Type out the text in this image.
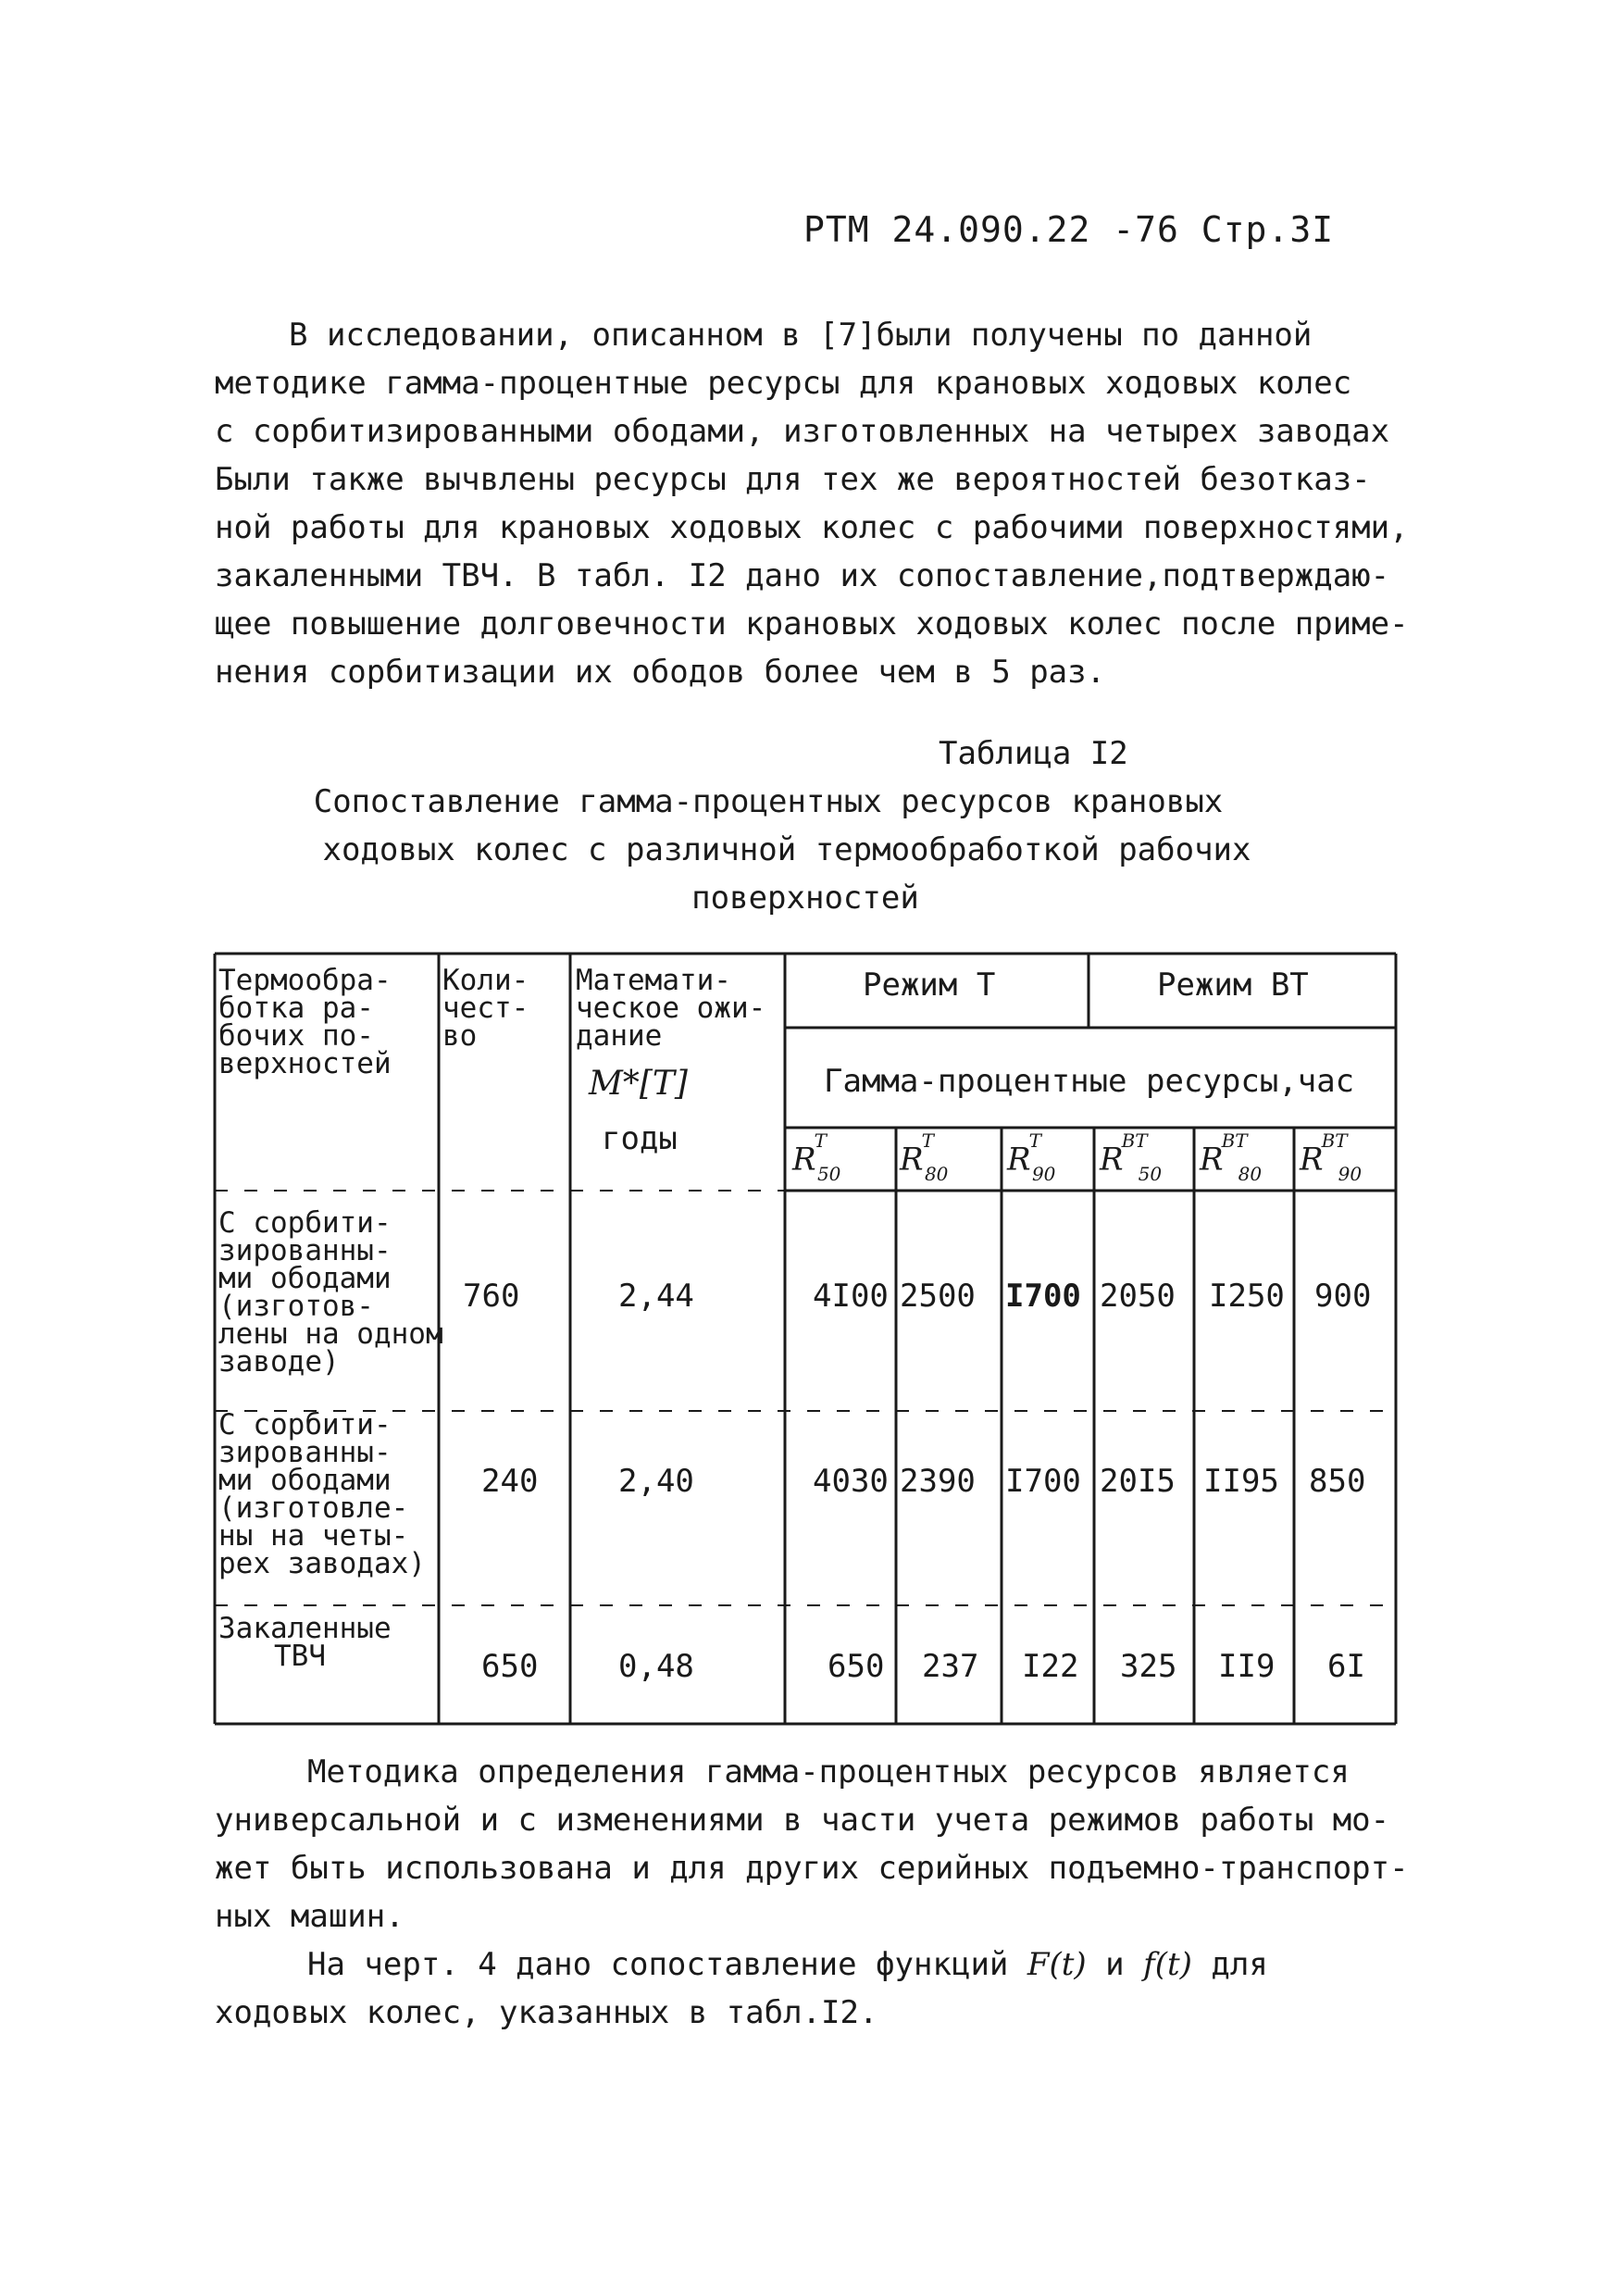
РТМ 24.090.22 -76 Стр.3I
В исследовании, описанном в [7]были получены по данной
методике гамма-процентные ресурсы для крановых ходовых колес
с сорбитизированными ободами, изготовленных на четырех заводах
Были также вычвлены ресурсы для тех же вероятностей безотказ-
ной работы для крановых ходовых колес с рабочими поверхностями,
закаленными ТВЧ. В табл. I2 дано их сопоставление,подтверждаю-
щее повышение долговечности крановых ходовых колес после приме-
нения сорбитизации их ободов более чем в 5 раз.
Таблица I2
Сопоставление гамма-процентных ресурсов крановых
ходовых колес с различной термообработкой рабочих
поверхностей
Термообра-
ботка ра-
бочих по-
верхностей
Коли-
чест-
во
Математи-
ческое ожи-
дание
M*[T]
годы
Режим Т	Режим ВТ
Гамма-процентные ресурсы,час
$R^T_{50}$	$R^T_{80}$	$R^T_{90}$	$R^{ВТ}_{50}$	$R^{ВТ}_{80}$	$R^{ВТ}_{90}$
С сорбити-
зированны-
ми ободами
(изготов-
лены на одном
заводе)
760	2,44	4I00 2500 I700 2050 I250 900
С сорбити-
зированны-
ми ободами
(изготовле-
ны на четы-
рех заводах)
240	2,40	4030 2390 I700 20I5 II95 850
Закаленные
ТВЧ	650	0,48	650 237 I22 325 II9 6I
Методика определения гамма-процентных ресурсов является
универсальной и с изменениями в части учета режимов работы мо-
жет быть использована и для других серийных подъемно-транспорт-
ных машин.
На черт. 4 дано сопоставление функций F(t) и f(t) для
ходовых колес, указанных в табл.I2.
